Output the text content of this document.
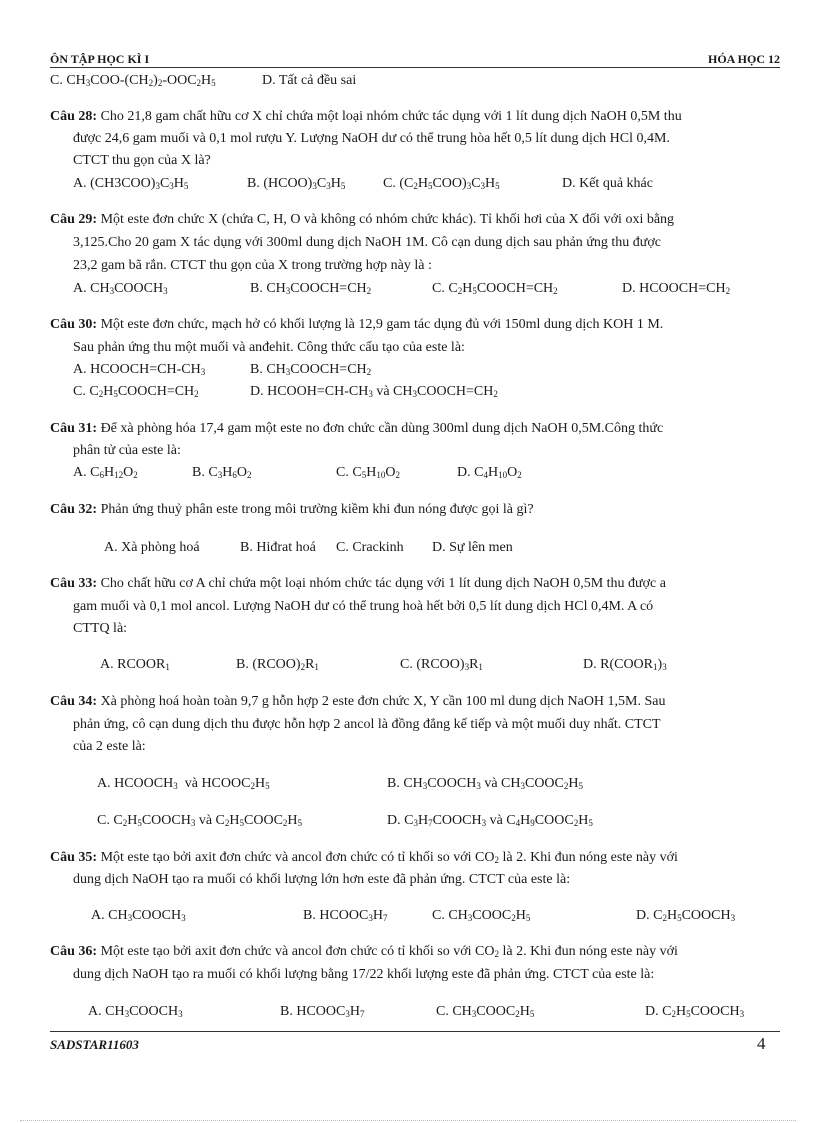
ÔN TẬP HỌC KÌ I	HÓA HỌC 12
C. $CH_3COO-(CH_2)_2-OOC_2H_5$	D. Tất cả đều sai
Câu 28: Cho 21,8 gam chất hữu cơ X chỉ chứa một loại nhóm chức tác dụng với 1 lít dung dịch NaOH 0,5M thu
được 24,6 gam muối và 0,1 mol rượu Y. Lượng NaOH dư có thể trung hòa hết 0,5 lít dung dịch HCl 0,4M.
CTCT thu gọn của X là?
A. $(CH3COO)_3C_3H_5$	B. $(HCOO)_3C_3H_5$	C. $(C_2H_5COO)_3C_3H_5$	D. Kết quả khác
Câu 29: Một este đơn chức X (chứa C, H, O và không có nhóm chức khác). Tỉ khối hơi của X đối với oxi bằng
3,125.Cho 20 gam X tác dụng với 300ml dung dịch NaOH 1M. Cô cạn dung dịch sau phản ứng thu được
23,2 gam bã rắn. CTCT thu gọn của X trong trường hợp này là :
A. $CH_3COOCH_3$	B. $CH_3COOCH=CH_2$	C. $C_2H_5COOCH=CH_2$	D. $HCOOCH=CH_2$
Câu 30: Một este đơn chức, mạch hở có khối lượng là 12,9 gam tác dụng đủ với 150ml dung dịch KOH 1 M.
Sau phản ứng thu một muối và anđehit. Công thức cấu tạo của este là:
A. $HCOOCH=CH-CH_3$	B. $CH_3COOCH=CH_2$
C. $C_2H_5COOCH=CH_2$	D. $HCOOH=CH-CH_3$ và $CH_3COOCH=CH_2$
Câu 31: Để xà phòng hóa 17,4 gam một este no đơn chức cần dùng 300ml dung dịch NaOH 0,5M.Công thức
phân tử của este là:
A. $C_6H_{12}O_2$	B. $C_3H_6O_2$	C. $C_5H_{10}O_2$	D. $C_4H_{10}O_2$
Câu 32: Phản ứng thuỷ phân este trong môi trường kiềm khi đun nóng được gọi là gì?
A. Xà phòng hoá	B. Hiđrat hoá C. Crackinh D. Sự lên men
Câu 33: Cho chất hữu cơ A chỉ chứa một loại nhóm chức tác dụng với 1 lít dung dịch NaOH 0,5M thu được a
gam muối và 0,1 mol ancol. Lượng NaOH dư có thể trung hoà hết bởi 0,5 lít dung dịch HCl 0,4M. A có
CTTQ là:
A. $RCOOR_1$	B. $(RCOO)_2R_1$	C. $(RCOO)_3R_1$	D. $R(COOR_1)_3$
Câu 34: Xà phòng hoá hoàn toàn 9,7 g hỗn hợp 2 este đơn chức X, Y cần 100 ml dung dịch NaOH 1,5M. Sau
phản ứng, cô cạn dung dịch thu được hỗn hợp 2 ancol là đồng đẳng kế tiếp và một muối duy nhất. CTCT
của 2 este là:
A. $HCOOCH_3$  và $HCOOC_2H_5$	B. $CH_3COOCH_3$ và $CH_3COOC_2H_5$
C. $C_2H_5COOCH_3$ và $C_2H_5COOC_2H_5$	D. $C_3H_7COOCH_3$ và $C_4H_9COOC_2H_5$
Câu 35: Một este tạo bởi axit đơn chức và ancol đơn chức có tỉ khối so với $CO_2$ là 2. Khi đun nóng este này với
dung dịch NaOH tạo ra muối có khối lượng lớn hơn este đã phản ứng. CTCT của este là:
A. $CH_3COOCH_3$	B. $HCOOC_3H_7$	C. $CH_3COOC_2H_5$	D. $C_2H_5COOCH_3$
Câu 36: Một este tạo bởi axit đơn chức và ancol đơn chức có tỉ khối so với $CO_2$ là 2. Khi đun nóng este này với
dung dịch NaOH tạo ra muối có khối lượng bằng 17/22 khối lượng este đã phản ứng. CTCT của este là:
A. $CH_3COOCH_3$	B. $HCOOC_3H_7$	C. $CH_3COOC_2H_5$	D. $C_2H_5COOCH_3$
SADSTAR11603	4
